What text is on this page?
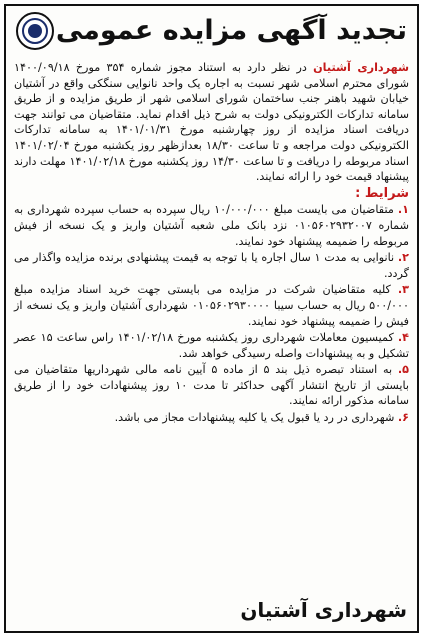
تجدید آگهی مزایده عمومی

شهرداری آشتیان در نظر دارد به استناد مجوز شماره ۳۵۴ مورخ ۱۴۰۰/۰۹/۱۸ شورای محترم اسلامی شهر نسبت به اجاره یک واحد نانوایی سنگکی واقع در آشتیان خیابان شهید باهنر جنب ساختمان شورای اسلامی شهر از طریق مزایده و از طریق سامانه تدارکات الکترونیکی دولت به شرح ذیل اقدام نماید. متقاضیان می توانند جهت دریافت اسناد مزایده از روز چهارشنبه مورخ ۱۴۰۱/۰۱/۳۱ به سامانه تدارکات الکترونیکی دولت مراجعه و تا ساعت ۱۸/۳۰ بعدازظهر روز یکشنبه مورخ ۱۴۰۱/۰۲/۰۴ اسناد مربوطه را دریافت و تا ساعت ۱۴/۳۰ روز یکشنبه مورخ ۱۴۰۱/۰۲/۱۸ مهلت دارند پیشنهاد قیمت خود را ارائه نمایند.

شرایط :

۱. متقاضیان می بایست مبلغ ۱۰/۰۰۰/۰۰۰ ریال سپرده به حساب سپرده شهرداری به شماره ۰۱۰۵۶۰۲۹۳۲۰۰۷ نزد بانک ملی شعبه آشتیان واریز و یک نسخه از فیش مربوطه را ضمیمه پیشنهاد خود نمایند.
۲. نانوایی به مدت ۱ سال اجاره یا با توجه به قیمت پیشنهادی برنده مزایده واگذار می گردد.
۳. کلیه متقاضیان شرکت در مزایده می بایستی جهت خرید اسناد مزایده مبلغ ۵۰۰/۰۰۰ ریال به حساب سیبا ۰۱۰۵۶۰۲۹۳۰۰۰۰ شهرداری آشتیان واریز و یک نسخه از فیش را ضمیمه پیشنهاد خود نمایند.
۴. کمیسیون معاملات شهرداری روز یکشنبه مورخ ۱۴۰۱/۰۲/۱۸ راس ساعت ۱۵ عصر تشکیل و به پیشنهادات واصله رسیدگی خواهد شد.
۵. به استناد تبصره ذیل بند ۵ از ماده ۵ آیین نامه مالی شهرداریها متقاضیان می بایستی از تاریخ انتشار آگهی حداکثر تا مدت ۱۰ روز پیشنهادات خود را از طریق سامانه مذکور ارائه نمایند.
۶. شهرداری در رد یا قبول یک یا کلیه پیشنهادات مجاز می باشد.
شهرداری آشتیان
